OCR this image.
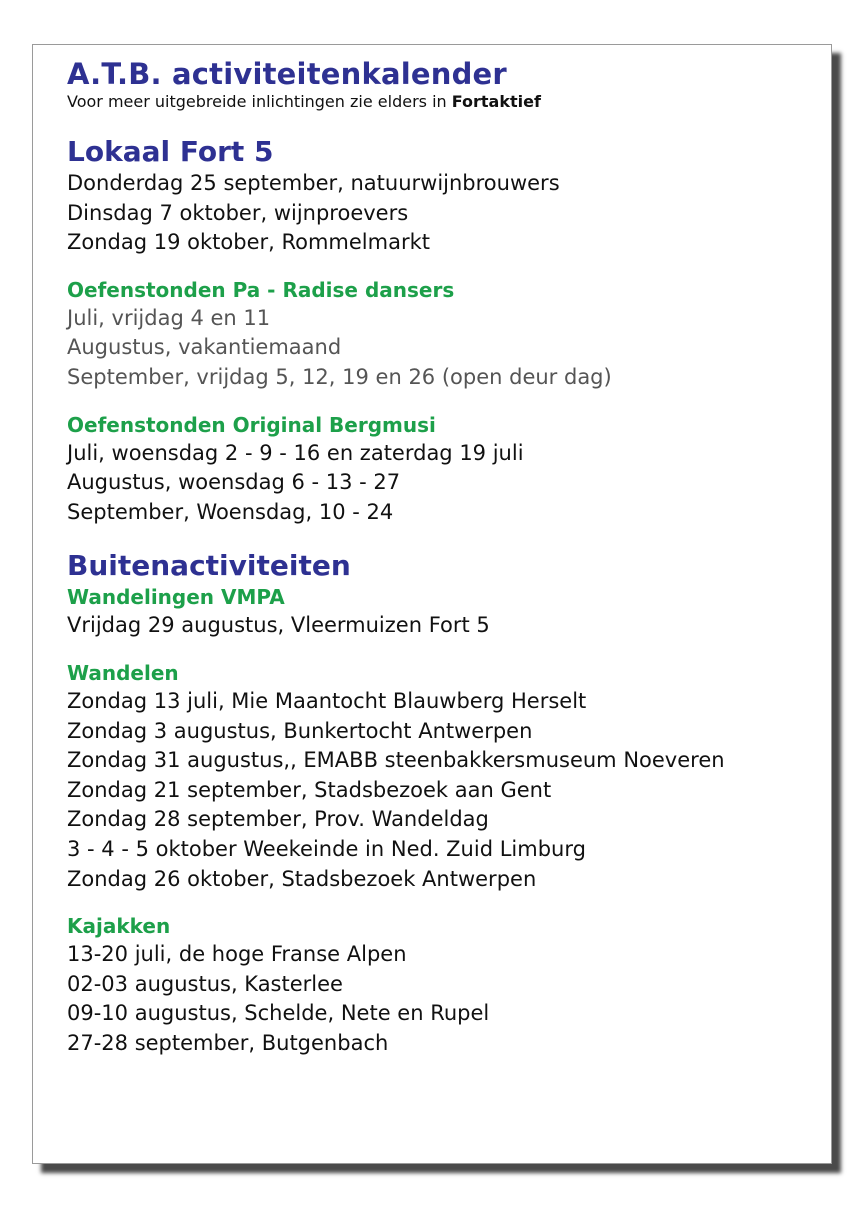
A.T.B. activiteitenkalender

Voor meer uitgebreide inlichtingen zie elders in Fortaktief

Lokaal Fort 5

Donderdag 25 september, natuurwijnbrouwers

Dinsdag 7 oktober, wijnproevers

Zondag 19 oktober, Rommelmarkt

Oefenstonden Pa - Radise dansers

Juli, vrijdag 4 en 11

Augustus, vakantiemaand

September, vrijdag 5, 12, 19 en 26 (open deur dag)

Oefenstonden Original Bergmusi

Juli, woensdag 2 - 9 - 16 en zaterdag 19 juli

Augustus, woensdag 6 - 13 - 27

September, Woensdag, 10 - 24

Buitenactiviteiten
Wandelingen VMPA

Vrijdag 29 augustus, Vleermuizen Fort 5

Wandelen

Zondag 13 juli, Mie Maantocht Blauwberg Herselt

Zondag 3 augustus, Bunkertocht Antwerpen

Zondag 31 augustus,, EMABB steenbakkersmuseum Noeveren

Zondag 21 september, Stadsbezoek aan Gent

Zondag 28 september, Prov. Wandeldag

3 - 4 - 5 oktober Weekeinde in Ned. Zuid Limburg

Zondag 26 oktober, Stadsbezoek Antwerpen

Kajakken

13-20 juli, de hoge Franse Alpen

02-03 augustus, Kasterlee

09-10 augustus, Schelde, Nete en Rupel

27-28 september, Butgenbach
